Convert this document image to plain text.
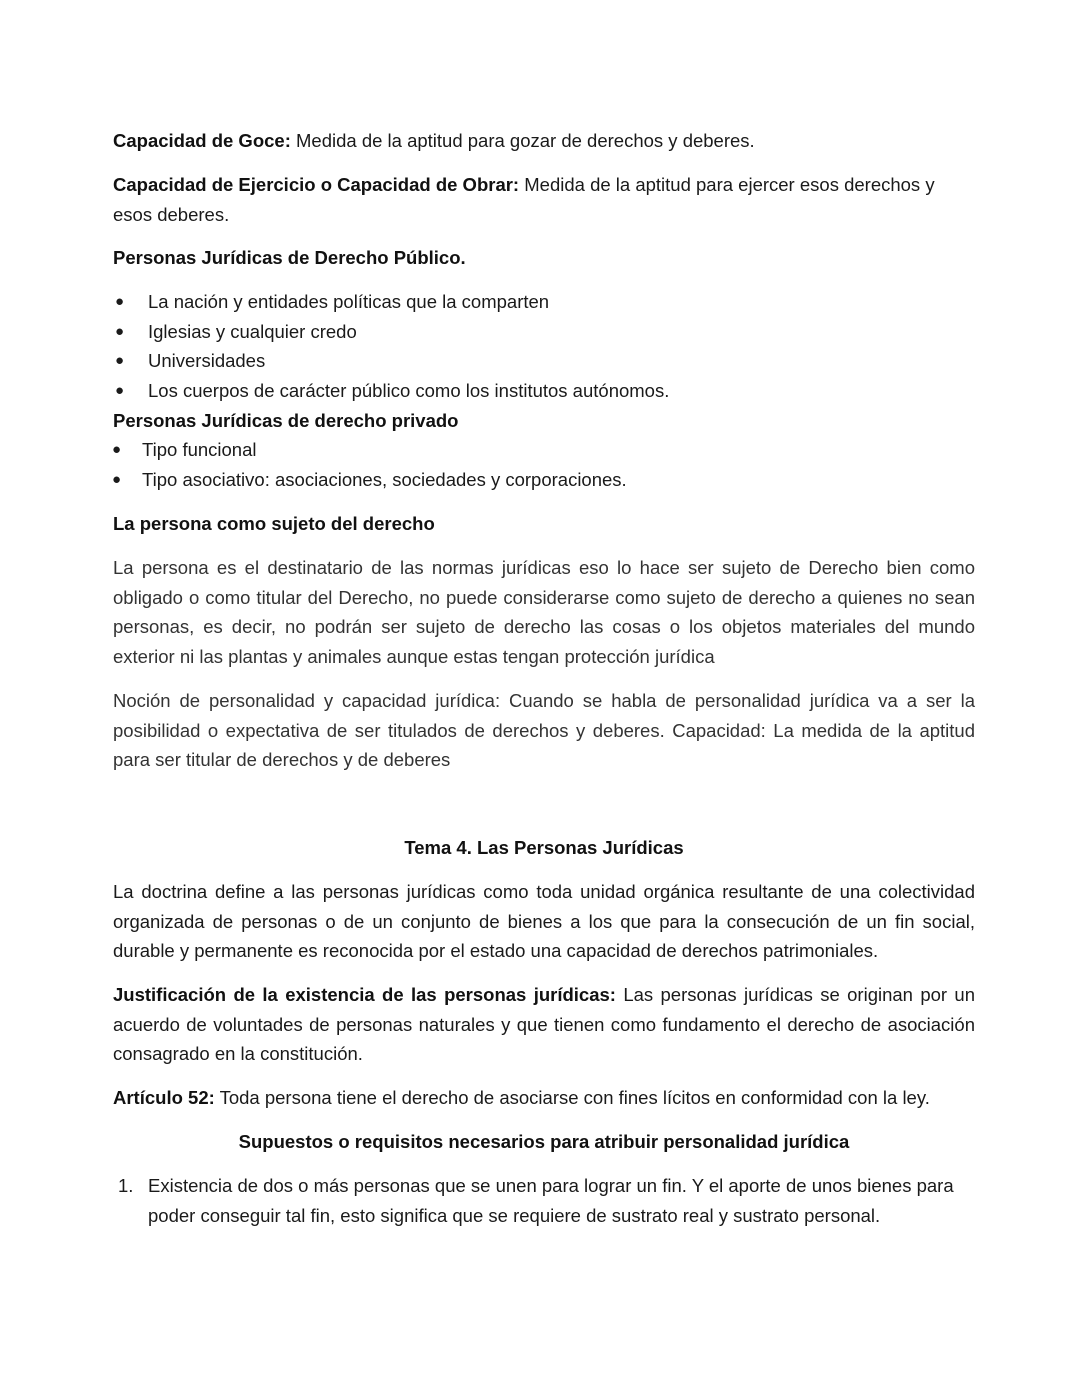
Capacidad de Goce: Medida de la aptitud para gozar de derechos y deberes.
Capacidad de Ejercicio o Capacidad de Obrar: Medida de la aptitud para ejercer esos derechos y esos deberes.
Personas Jurídicas de Derecho Público.
● La nación y entidades políticas que la comparten
● Iglesias y cualquier credo
● Universidades
● Los cuerpos de carácter público como los institutos autónomos.
Personas Jurídicas de derecho privado
● Tipo funcional
● Tipo asociativo: asociaciones, sociedades y corporaciones.
La persona como sujeto del derecho

La persona es el destinatario de las normas jurídicas eso lo hace ser sujeto de Derecho bien como obligado o como titular del Derecho, no puede considerarse como sujeto de derecho a quienes no sean personas, es decir, no podrán ser sujeto de derecho las cosas o los objetos materiales del mundo exterior ni las plantas y animales aunque estas tengan protección jurídica

Noción de personalidad y capacidad jurídica: Cuando se habla de personalidad jurídica va a ser la posibilidad o expectativa de ser titulados de derechos y deberes. Capacidad: La medida de la aptitud para ser titular de derechos y de deberes

Tema 4. Las Personas Jurídicas

La doctrina define a las personas jurídicas como toda unidad orgánica resultante de una colectividad organizada de personas o de un conjunto de bienes a los que para la consecución de un fin social, durable y permanente es reconocida por el estado una capacidad de derechos patrimoniales.

Justificación de la existencia de las personas jurídicas: Las personas jurídicas se originan por un acuerdo de voluntades de personas naturales y que tienen como fundamento el derecho de asociación consagrado en la constitución.

Artículo 52: Toda persona tiene el derecho de asociarse con fines lícitos en conformidad con la ley.

Supuestos o requisitos necesarios para atribuir personalidad jurídica
1. Existencia de dos o más personas que se unen para lograr un fin. Y el aporte de unos bienes para poder conseguir tal fin, esto significa que se requiere de sustrato real y sustrato personal.
